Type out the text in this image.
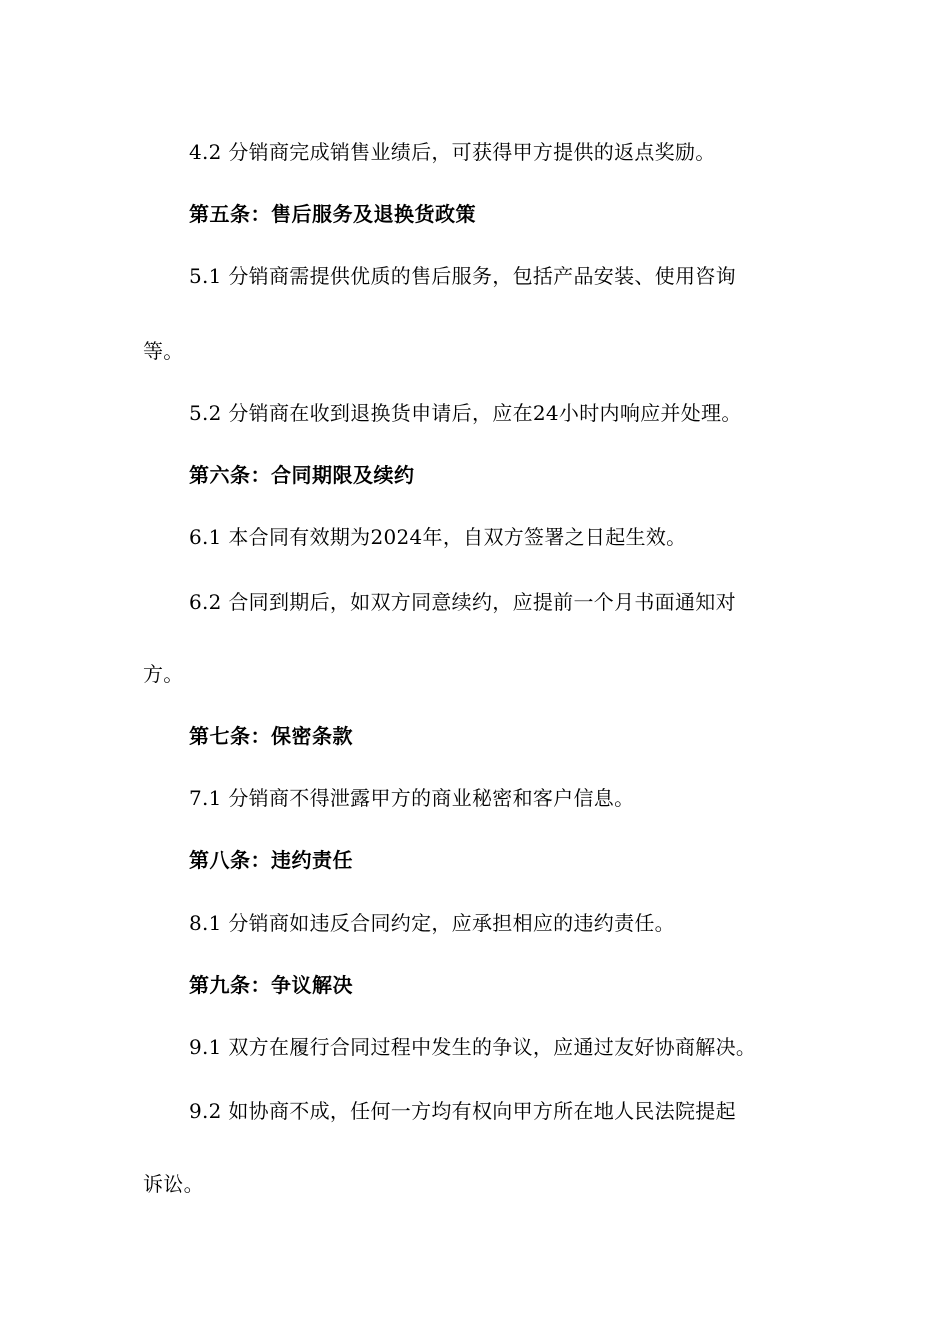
4.2 分销商完成销售业绩后，可获得甲方提供的返点奖励。
第五条：售后服务及退换货政策
5.1 分销商需提供优质的售后服务，包括产品安装、使用咨询
等。
5.2 分销商在收到退换货申请后，应在24小时内响应并处理。
第六条：合同期限及续约
6.1 本合同有效期为2024年，自双方签署之日起生效。
6.2 合同到期后，如双方同意续约，应提前一个月书面通知对
方。
第七条：保密条款
7.1 分销商不得泄露甲方的商业秘密和客户信息。
第八条：违约责任
8.1 分销商如违反合同约定，应承担相应的违约责任。
第九条：争议解决
9.1 双方在履行合同过程中发生的争议，应通过友好协商解决。
9.2 如协商不成，任何一方均有权向甲方所在地人民法院提起
诉讼。
